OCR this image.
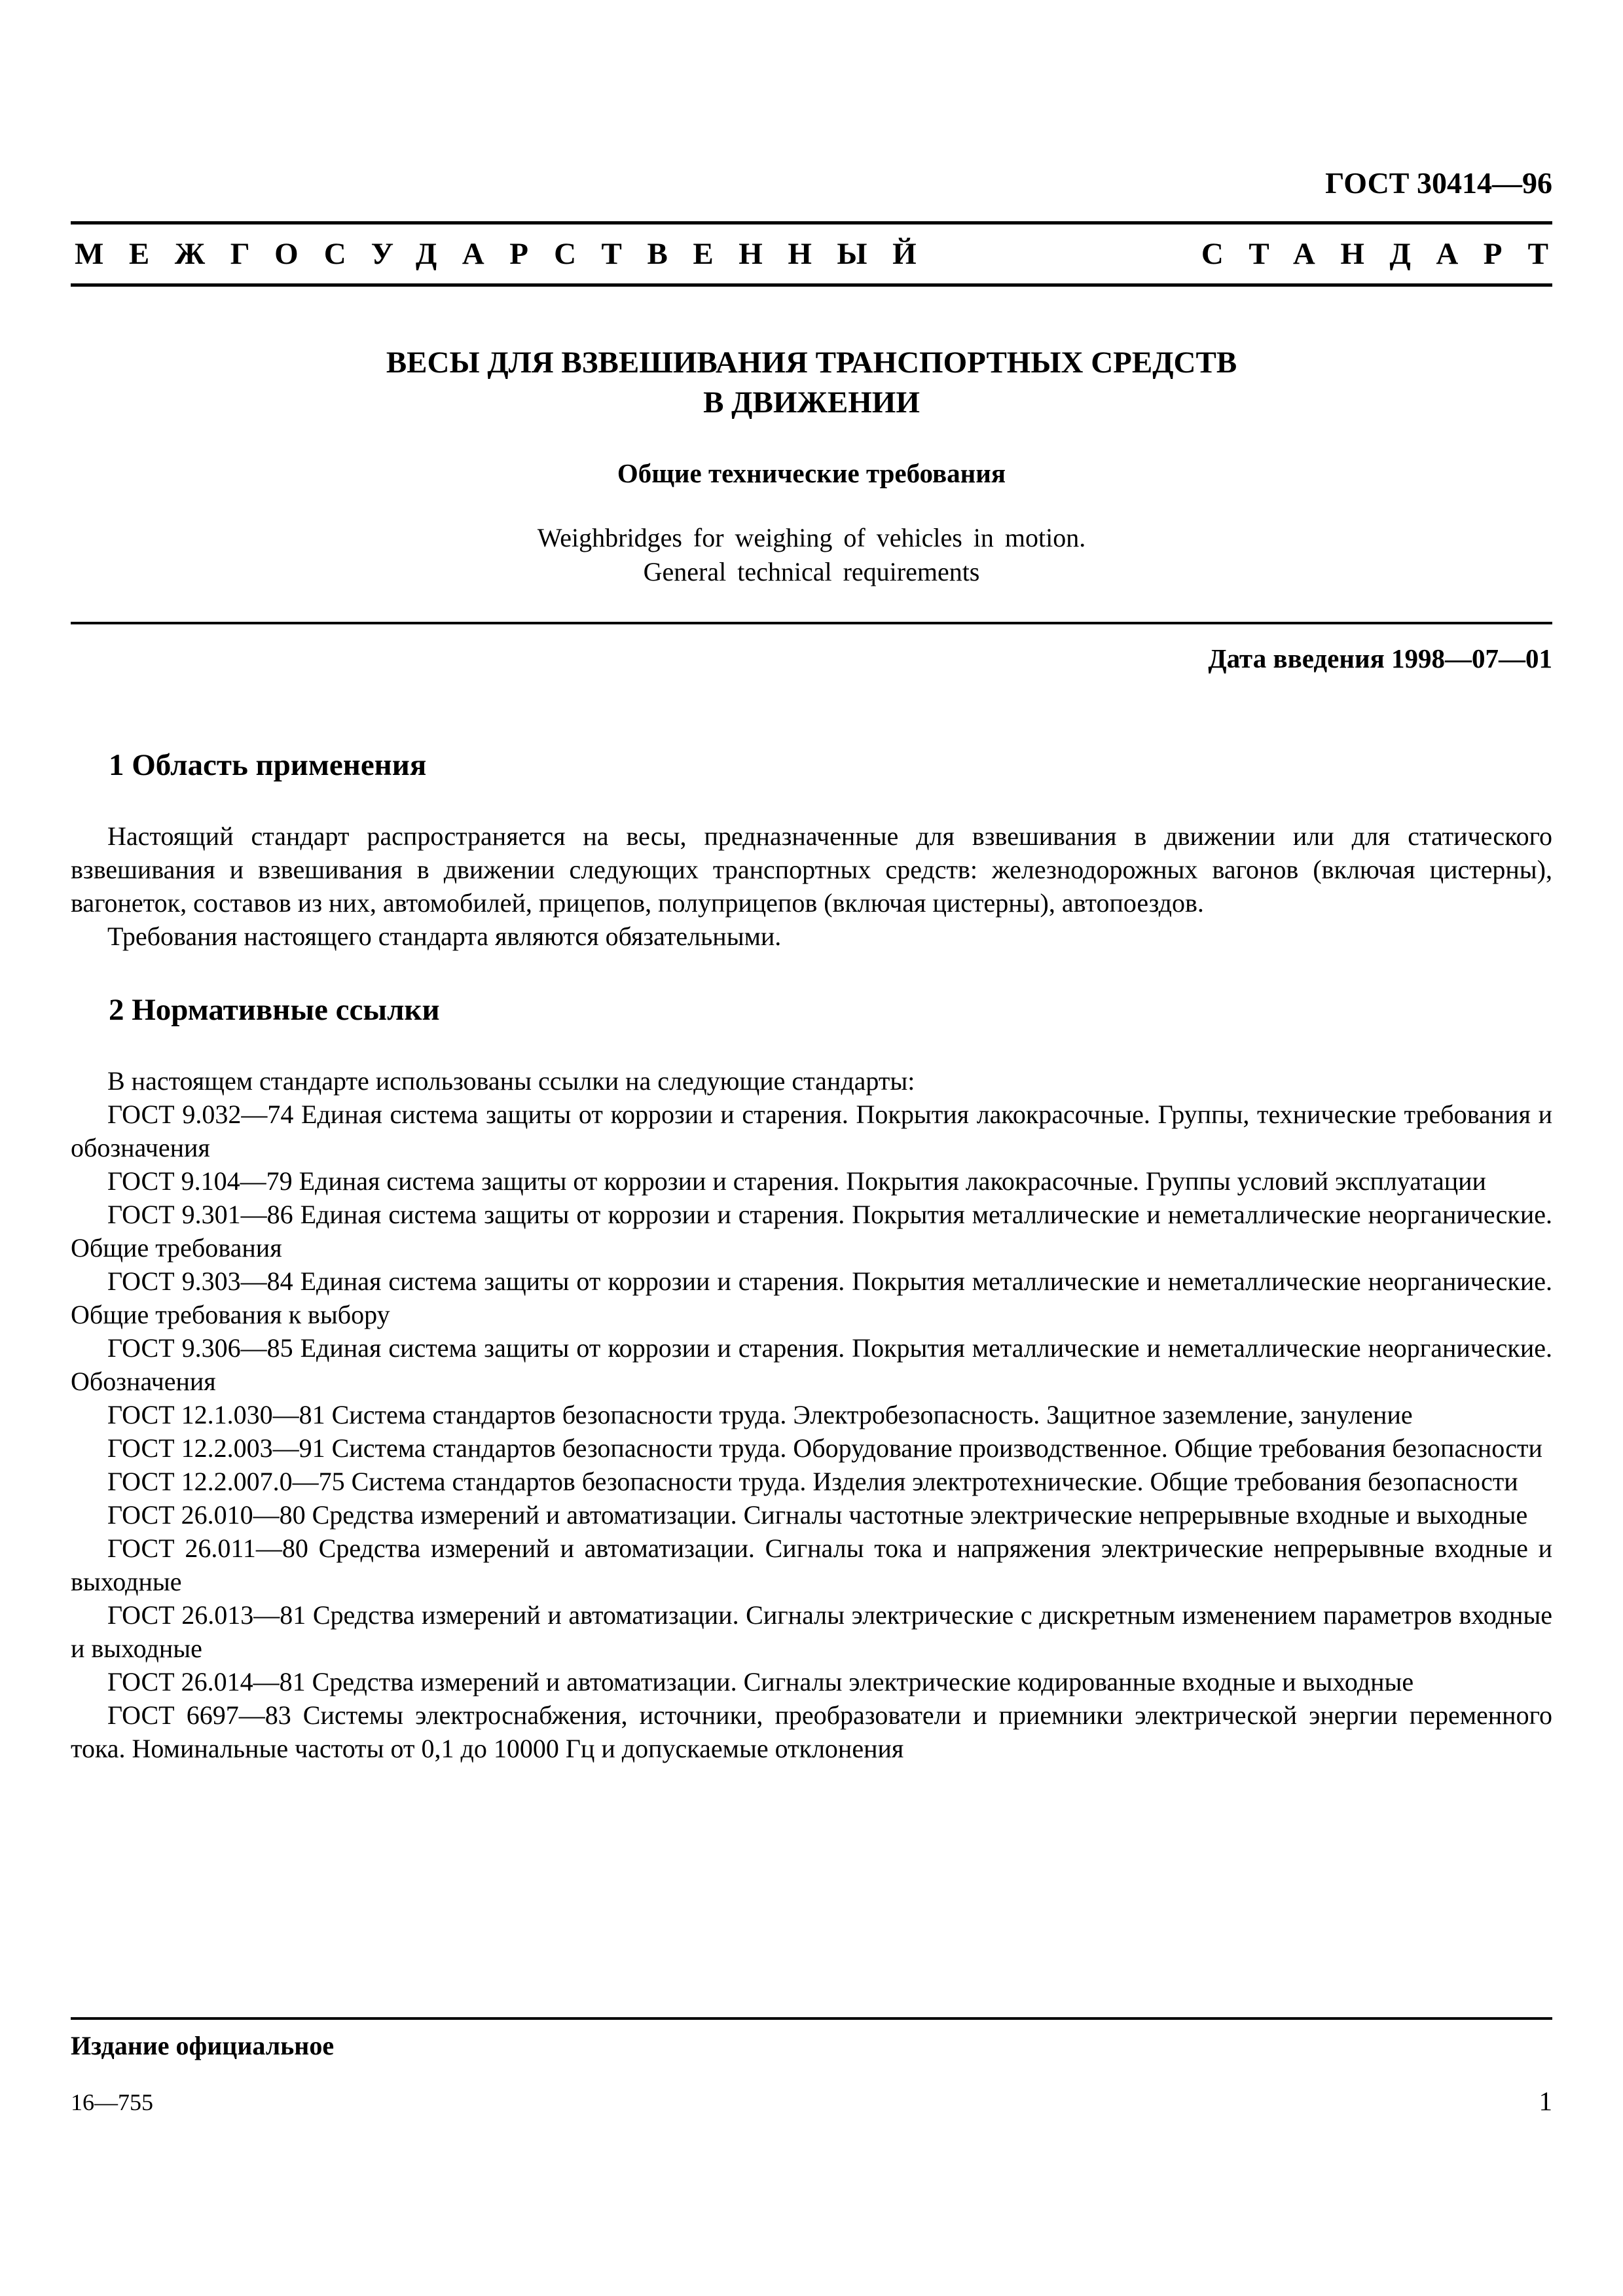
ГОСТ 30414—96
МЕЖГОСУДАРСТВЕННЫЙ	СТАНДАРТ
ВЕСЫ ДЛЯ ВЗВЕШИВАНИЯ ТРАНСПОРТНЫХ СРЕДСТВ
В ДВИЖЕНИИ

Общие технические требования

Weighbridges for weighing of vehicles in motion.
General technical requirements
Дата введения 1998—07—01
1 Область применения

Настоящий стандарт распространяется на весы, предназначенные для взвешивания в движении или для статического взвешивания и взвешивания в движении следующих транспортных средств: железнодорожных вагонов (включая цистерны), вагонеток, составов из них, автомобилей, прицепов, полуприцепов (включая цистерны), автопоездов.

Требования настоящего стандарта являются обязательными.

2 Нормативные ссылки

В настоящем стандарте использованы ссылки на следующие стандарты:

ГОСТ 9.032—74 Единая система защиты от коррозии и старения. Покрытия лакокрасочные. Группы, технические требования и обозначения

ГОСТ 9.104—79 Единая система защиты от коррозии и старения. Покрытия лакокрасочные. Группы условий эксплуатации

ГОСТ 9.301—86 Единая система защиты от коррозии и старения. Покрытия металлические и неметаллические неорганические. Общие требования

ГОСТ 9.303—84 Единая система защиты от коррозии и старения. Покрытия металлические и неметаллические неорганические. Общие требования к выбору

ГОСТ 9.306—85 Единая система защиты от коррозии и старения. Покрытия металлические и неметаллические неорганические. Обозначения

ГОСТ 12.1.030—81 Система стандартов безопасности труда. Электробезопасность. Защитное заземление, зануление

ГОСТ 12.2.003—91 Система стандартов безопасности труда. Оборудование производственное. Общие требования безопасности

ГОСТ 12.2.007.0—75 Система стандартов безопасности труда. Изделия электротехнические. Общие требования безопасности

ГОСТ 26.010—80 Средства измерений и автоматизации. Сигналы частотные электрические непрерывные входные и выходные

ГОСТ 26.011—80 Средства измерений и автоматизации. Сигналы тока и напряжения электрические непрерывные входные и выходные

ГОСТ 26.013—81 Средства измерений и автоматизации. Сигналы электрические с дискретным изменением параметров входные и выходные

ГОСТ 26.014—81 Средства измерений и автоматизации. Сигналы электрические кодированные входные и выходные

ГОСТ 6697—83 Системы электроснабжения, источники, преобразователи и приемники электрической энергии переменного тока. Номинальные частоты от 0,1 до 10000 Гц и допускаемые отклонения

Издание официальное
16—755	1
